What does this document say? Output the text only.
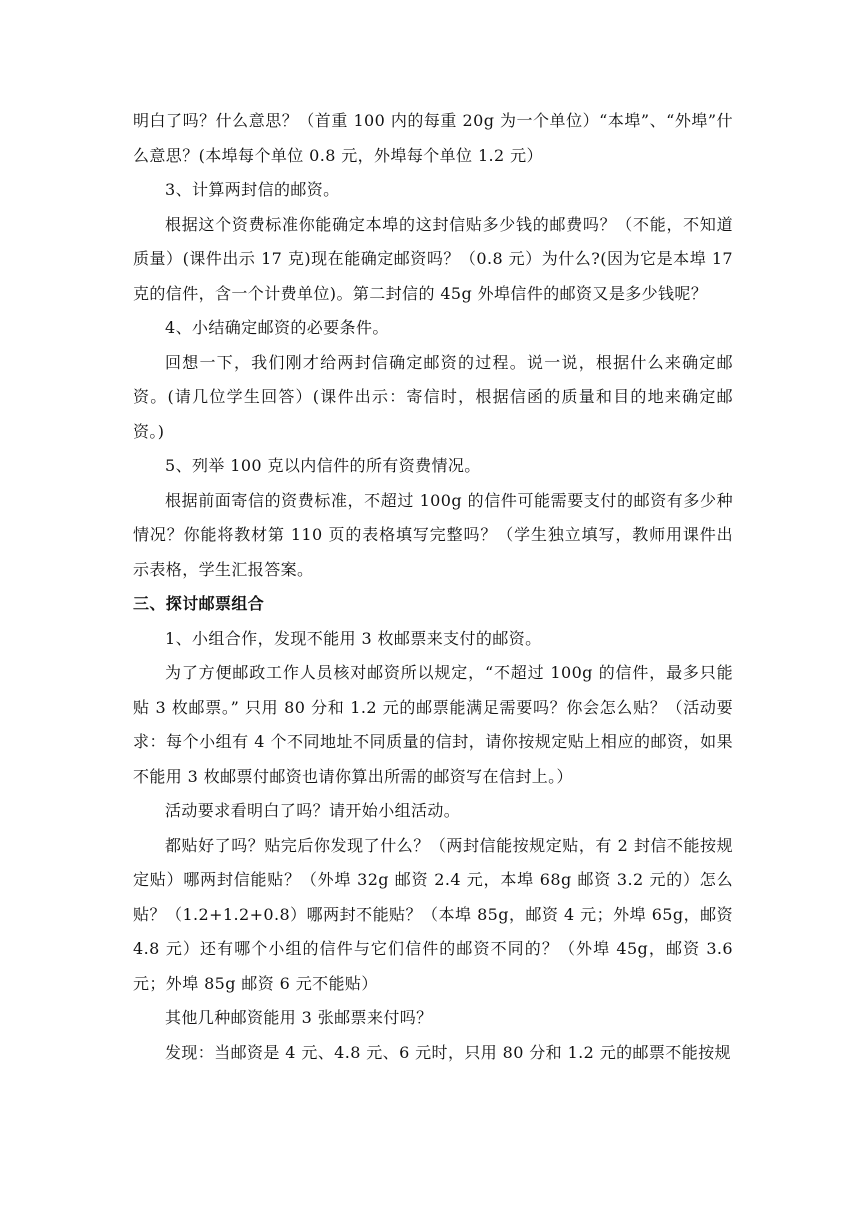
明白了吗？什么意思？（首重 100 内的每重 20g 为一个单位）“本埠”、“外埠”什么意思？(本埠每个单位 0.8 元，外埠每个单位 1.2 元）

3、计算两封信的邮资。

根据这个资费标准你能确定本埠的这封信贴多少钱的邮费吗？（不能，不知道质量）(课件出示 17 克)现在能确定邮资吗？（0.8 元）为什么?(因为它是本埠 17 克的信件，含一个计费单位)。第二封信的 45g 外埠信件的邮资又是多少钱呢？

4、小结确定邮资的必要条件。

回想一下，我们刚才给两封信确定邮资的过程。说一说，根据什么来确定邮资。(请几位学生回答）(课件出示：寄信时，根据信函的质量和目的地来确定邮资。)

5、列举 100 克以内信件的所有资费情况。

根据前面寄信的资费标准，不超过 100g 的信件可能需要支付的邮资有多少种情况？你能将教材第 110 页的表格填写完整吗？（学生独立填写，教师用课件出示表格，学生汇报答案。

三、探讨邮票组合

1、小组合作，发现不能用 3 枚邮票来支付的邮资。

为了方便邮政工作人员核对邮资所以规定，“不超过 100g 的信件，最多只能贴 3 枚邮票。” 只用 80 分和 1.2 元的邮票能满足需要吗？你会怎么贴？（活动要求：每个小组有 4 个不同地址不同质量的信封，请你按规定贴上相应的邮资，如果不能用 3 枚邮票付邮资也请你算出所需的邮资写在信封上。）

活动要求看明白了吗？请开始小组活动。

都贴好了吗？贴完后你发现了什么？（两封信能按规定贴，有 2 封信不能按规定贴）哪两封信能贴？（外埠 32g 邮资 2.4 元，本埠 68g 邮资 3.2 元的）怎么贴？（1.2+1.2+0.8）哪两封不能贴？（本埠 85g，邮资 4 元；外埠 65g，邮资 4.8 元）还有哪个小组的信件与它们信件的邮资不同的？（外埠 45g，邮资 3.6 元；外埠 85g 邮资 6 元不能贴）

其他几种邮资能用 3 张邮票来付吗？

发现：当邮资是 4 元、4.8 元、6 元时，只用 80 分和 1.2 元的邮票不能按规
